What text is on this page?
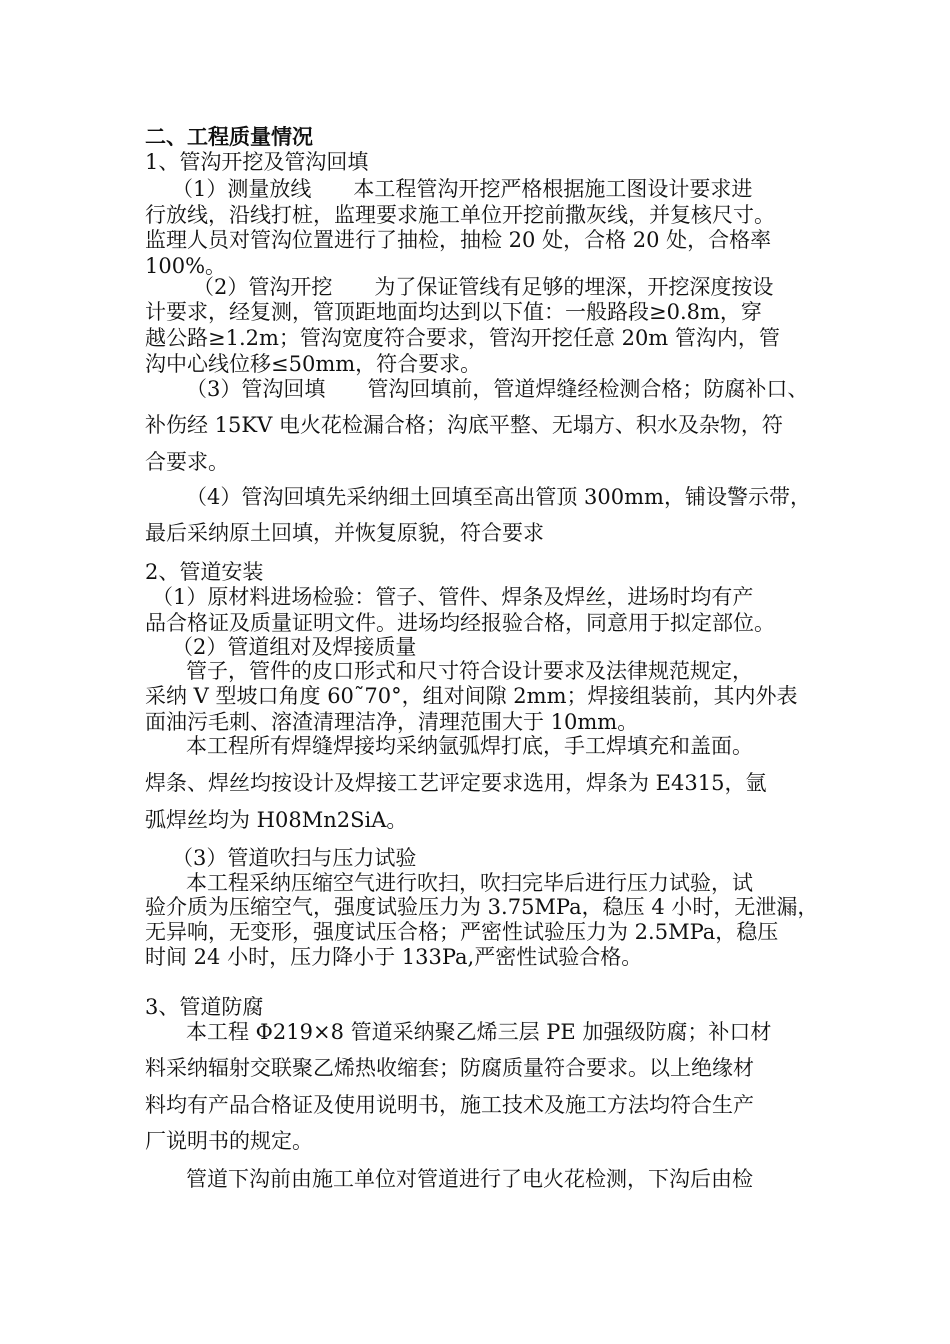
二、工程质量情况
1、管沟开挖及管沟回填
（1）测量放线　　本工程管沟开挖严格根据施工图设计要求进
行放线，沿线打桩，监理要求施工单位开挖前撒灰线，并复核尺寸。
监理人员对管沟位置进行了抽检，抽检 20 处，合格 20 处，合格率
100%。
（2）管沟开挖　　为了保证管线有足够的埋深，开挖深度按设
计要求，经复测，管顶距地面均达到以下值：一般路段≥0.8m，穿
越公路≥1.2m；管沟宽度符合要求，管沟开挖任意 20m 管沟内，管
沟中心线位移≤50mm，符合要求。
（3）管沟回填　　管沟回填前，管道焊缝经检测合格；防腐补口、
补伤经 15KV 电火花检漏合格；沟底平整、无塌方、积水及杂物，符
合要求。
（4）管沟回填先采纳细土回填至高出管顶 300mm，铺设警示带，
最后采纳原土回填，并恢复原貌，符合要求
2、管道安装
（1）原材料进场检验：管子、管件、焊条及焊丝，进场时均有产
品合格证及质量证明文件。进场均经报验合格，同意用于拟定部位。
（2）管道组对及焊接质量
管子，管件的皮口形式和尺寸符合设计要求及法律规范规定，
采纳 V 型坡口角度 60˜70°，组对间隙 2mm；焊接组装前，其内外表
面油污毛刺、溶渣清理洁净，清理范围大于 10mm。
本工程所有焊缝焊接均采纳氩弧焊打底，手工焊填充和盖面。
焊条、焊丝均按设计及焊接工艺评定要求选用，焊条为 E4315，氩
弧焊丝均为 H08Mn2SiA。
（3）管道吹扫与压力试验
本工程采纳压缩空气进行吹扫，吹扫完毕后进行压力试验，试
验介质为压缩空气，强度试验压力为 3.75MPa，稳压 4 小时，无泄漏，
无异响，无变形，强度试压合格；严密性试验压力为 2.5MPa，稳压
时间 24 小时，压力降小于 133Pa,严密性试验合格。
3、管道防腐
本工程 Φ219×8 管道采纳聚乙烯三层 PE 加强级防腐；补口材
料采纳辐射交联聚乙烯热收缩套；防腐质量符合要求。以上绝缘材
料均有产品合格证及使用说明书，施工技术及施工方法均符合生产
厂说明书的规定。
管道下沟前由施工单位对管道进行了电火花检测，下沟后由检
